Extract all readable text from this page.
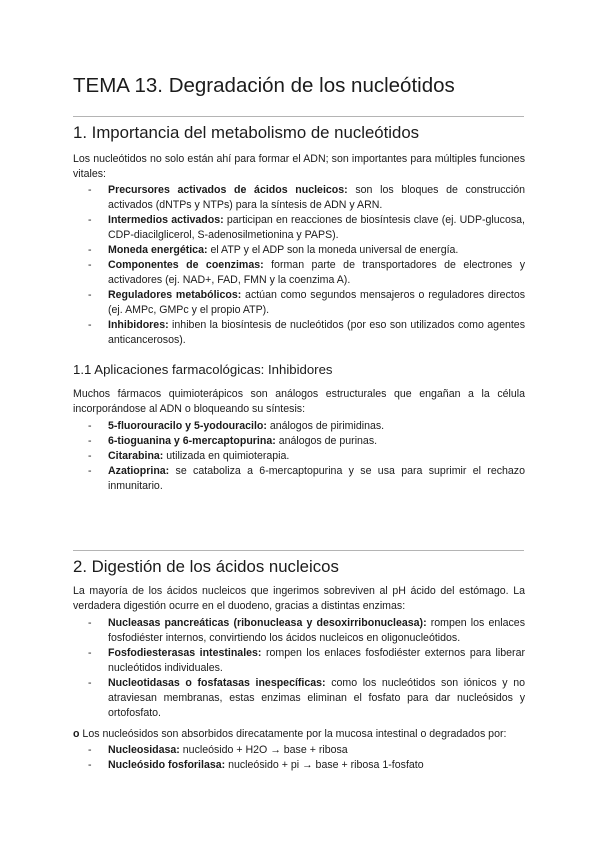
TEMA 13. Degradación de los nucleótidos
1. Importancia del metabolismo de nucleótidos
Los nucleótidos no solo están ahí para formar el ADN; son importantes para múltiples funciones vitales:
- Precursores activados de ácidos nucleicos: son los bloques de construcción activados (dNTPs y NTPs) para la síntesis de ADN y ARN.
- Intermedios activados: participan en reacciones de biosíntesis clave (ej. UDP-glucosa, CDP-diacilglicerol, S-adenosilmetionina y PAPS).
- Moneda energética: el ATP y el ADP son la moneda universal de energía.
- Componentes de coenzimas: forman parte de transportadores de electrones y activadores (ej. NAD+, FAD, FMN y la coenzima A).
- Reguladores metabólicos: actúan como segundos mensajeros o reguladores directos (ej. AMPc, GMPc y el propio ATP).
- Inhibidores: inhiben la biosíntesis de nucleótidos (por eso son utilizados como agentes anticancerosos).
1.1 Aplicaciones farmacológicas: Inhibidores
Muchos fármacos quimioterápicos son análogos estructurales que engañan a la célula incorporándose al ADN o bloqueando su síntesis:
- 5-fluorouracilo y 5-yodouracilo: análogos de pirimidinas.
- 6-tioguanina y 6-mercaptopurina: análogos de purinas.
- Citarabina: utilizada en quimioterapia.
- Azatioprina: se cataboliza a 6-mercaptopurina y se usa para suprimir el rechazo inmunitario.
2. Digestión de los ácidos nucleicos
La mayoría de los ácidos nucleicos que ingerimos sobreviven al pH ácido del estómago. La verdadera digestión ocurre en el duodeno, gracias a distintas enzimas:
- Nucleasas pancreáticas (ribonucleasa y desoxirribonucleasa): rompen los enlaces fosfodiéster internos, convirtiendo los ácidos nucleicos en oligonucleótidos.
- Fosfodiesterasas intestinales: rompen los enlaces fosfodiéster externos para liberar nucleótidos individuales.
- Nucleotidasas o fosfatasas inespecíficas: como los nucleótidos son iónicos y no atraviesan membranas, estas enzimas eliminan el fosfato para dar nucleósidos y ortofosfato.
o Los nucleósidos son absorbidos direcatamente por la mucosa intestinal o degradados por:
- Nucleosidasa: nucleósido + H2O → base + ribosa
- Nucleósido fosforilasa: nucleósido + pi → base + ribosa 1-fosfato
